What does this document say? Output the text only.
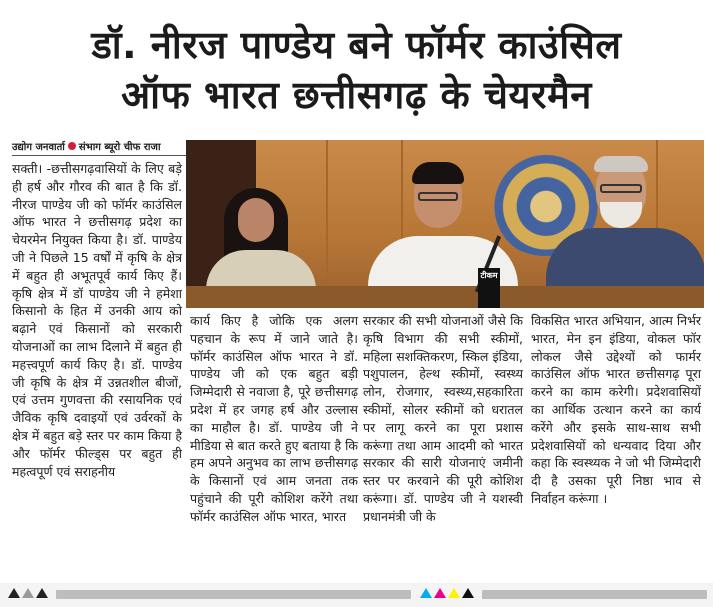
डॉ. नीरज पाण्डेय बने फॉर्मर काउंसिल
ऑफ भारत छत्तीसगढ़ के चेयरमैन
उद्योग जनवार्ता संभाग ब्यूरो चीफ राजा
सक्ती। -छत्तीसगढ़वासियों के लिए बड़े ही हर्ष और गौरव की बात है कि डॉ. नीरज पाण्डेय जी को फॉर्मर काउंसिल ऑफ भारत ने छत्तीसगढ़ प्रदेश का चेयरमेन नियुक्त किया है। डॉ. पाण्डेय जी ने पिछले 15 वर्षों में कृषि के क्षेत्र में बहुत ही अभूतपूर्व कार्य किए हैं। कृषि क्षेत्र में डॉ पाण्डेय जी ने हमेशा किसानो के हित में उनकी आय को बढ़ाने एवं किसानों को सरकारी योजनाओं का लाभ दिलाने में बहुत ही महत्त्वपूर्ण कार्य किए है। डॉ. पाण्डेय जी कृषि के क्षेत्र में उन्नतशील बीजों, एवं उत्तम गुणवत्ता की रसायनिक एवं जैविक कृषि दवाइयों एवं उर्वरकों के क्षेत्र में बहुत बड़े स्तर पर काम किया है और फॉर्मर फील्ड्स पर बहुत ही महत्वपूर्ण एवं सराहनीय
टीकम
कार्य किए है जोकि एक अलग पहचान के रूप में जाने जाते है। फॉर्मर काउंसिल ऑफ भारत ने डॉ. पाण्डेय जी को एक बहुत बड़ी जिम्मेदारी से नवाजा है, पूरे छत्तीसगढ़ प्रदेश में हर जगह हर्ष और उल्लास का माहौल है। डॉ. पाण्डेय जी ने मीडिया से बात करते हुए बताया है कि हम अपने अनुभव का लाभ छत्तीसगढ़ के किसानों एवं आम जनता तक पहुंचाने की पूरी कोशिश करेंगे तथा फॉर्मर काउंसिल ऑफ भारत, भारत
सरकार की सभी योजनाओं जैसे कि कृषि विभाग की सभी स्कीमों, महिला सशक्तिकरण, स्किल इंडिया, पशुपालन, हेल्थ स्कीमों, स्वस्थ्य लोन, रोजगार, स्वस्थ्य,सहकारिता स्कीमों, सोलर स्कीमों को धरातल पर लागू करने का पूरा प्रशास करूंगा तथा आम आदमी को भारत सरकार की सारी योजनाएं जमीनी स्तर पर करवाने की पूरी कोशिश करूंगा। डॉ. पाण्डेय जी ने यशस्वी प्रधानमंत्री जी के
विकसित भारत अभियान, आत्म निर्भर भारत, मेन इन इंडिया, वोकल फॉर लोकल जैसे उद्देश्यों को फार्मर काउंसिल ऑफ भारत छत्तीसगढ़ पूरा करने का काम करेगी। प्रदेशवासियों का आर्थिक उत्थान करने का कार्य करेंगे और इसके साथ-साथ सभी प्रदेशवासियों को धन्यवाद दिया और कहा कि स्वस्थ्यक ने जो भी जिम्मेदारी दी है उसका पूरी निष्ठा भाव से निर्वाहन करूंगा ।
